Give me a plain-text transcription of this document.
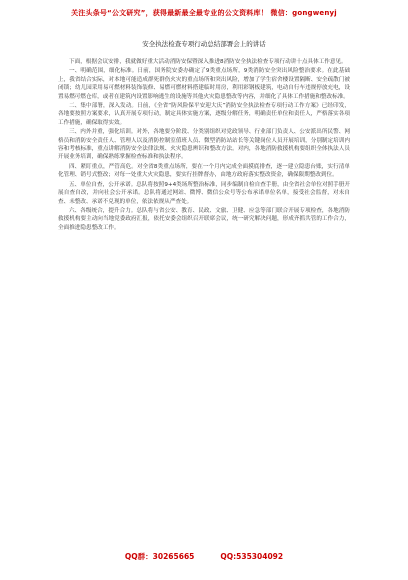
关注头条号“公文研究”，获得最新最全最专业的公文资料库！ 微信：gongwenyj
安全执法检查专项行动总结部署会上的讲话

下面，根据会议安排，我就做好重大活动消防安保暨深入推进8消防安全执法检查专项行动讲十点具体工作意见。

一、明确范围，细化标准。日前，国务院安委办确定了9类重点场所，9类消防安全突出风险整治要求。在此基础上，我省结合实际，对本地可能造成群死群伤火灾的重点场所和突出风险，增加了学生宿舍楼设置隔断、安全疏散门被闭锁；幼儿园采用易可燃材料装饰装修、易燃可燃材料搭建临时用房，利用彩钢板建筑，电动自行车违规停放充电，设置易燃可燃仓库，或者在建筑内设置影响逃生的设施等其他火灾隐患整改等内容，并细化了具体工作措施和整改标准。

二、集中部署，深入发动。日前，《全省“防风险保平安迎大庆”消防安全执法检查专项行动工作方案》已经印发，各地要按照方案要求，认真开展专项行动，制定具体实施方案，逐级分解任务，明确责任单位和责任人，严格落实各项工作措施，确保取得实效。

三、内外并重，强化培训。对外，各地要分阶段、分类别组织对党政领导、行业部门负责人、公安派出所民警、网格员和消防安全责任人、管理人以及消防控制室值班人员、微型消防站站长等关键岗位人员开展培训，分别制定培训内容和考核标准，重点讲解消防安全法律法规、火灾隐患辨识和整改方法。对内，各地消防救援机构要组织全体执法人员开展业务培训，确保熟练掌握检查标准和执法程序。

四、紧盯重点，严管高危。对全省8类重点场所，要在一个月内完成全面摸底排查，逐一建立隐患台账，实行清单化管理、销号式整改；对每一处重大火灾隐患，要实行挂牌督办，由地方政府落实整改资金，确保限期整改到位。

五、单位自查，公开承诺。总队将按照9+4类场所整治标准，同步编制自检自查手册，由全省社会单位对照手册开展自查自改，并向社会公开承诺。总队将通过网站、微博、微信公众号等公布承诺单位名单，接受社会监督，对未自查、未整改、承诺不兑现的单位，依法依规从严查处。

六、各级统合，提升合力。总队将与省公安、教育、民政、文旅、卫健、应急等部门联合开展专项检查，各地消防救援机构要主动向当地党委政府汇报，依托安委会组织召开联席会议，统一研究解决问题，形成齐抓共管的工作合力，全面推进隐患整改工作。

QQ群：30265665	QQ:535304092
